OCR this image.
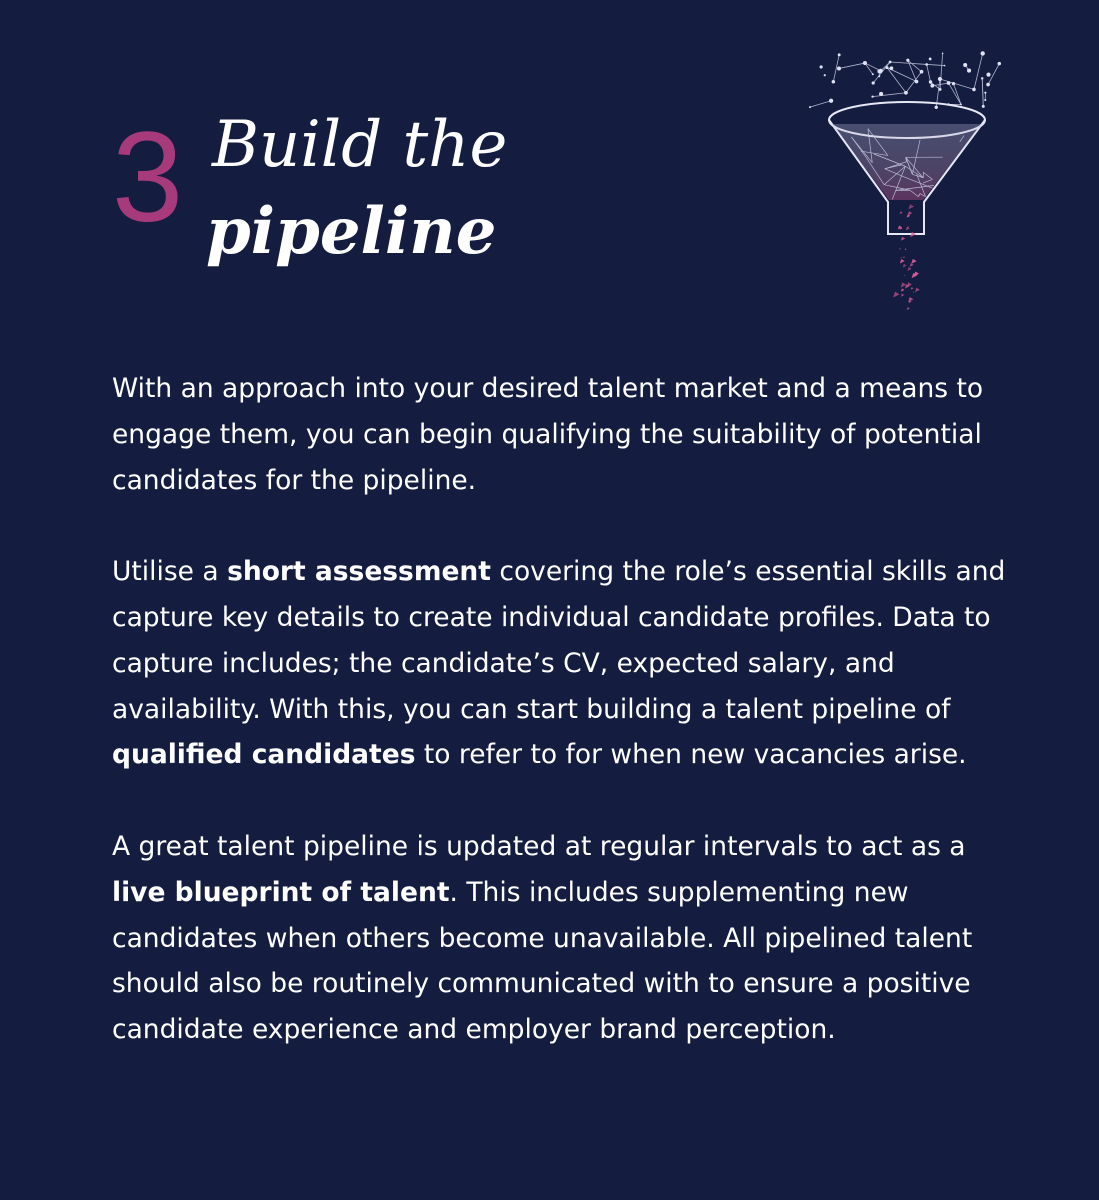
3 Build the
pipeline

With an approach into your desired talent market and a means to engage them, you can begin qualifying the suitability of potential candidates for the pipeline.

Utilise a short assessment covering the role’s essential skills and capture key details to create individual candidate profiles. Data to capture includes; the candidate’s CV, expected salary, and availability. With this, you can start building a talent pipeline of qualified candidates to refer to for when new vacancies arise.

A great talent pipeline is updated at regular intervals to act as a live blueprint of talent. This includes supplementing new candidates when others become unavailable. All pipelined talent should also be routinely communicated with to ensure a positive candidate experience and employer brand perception.
